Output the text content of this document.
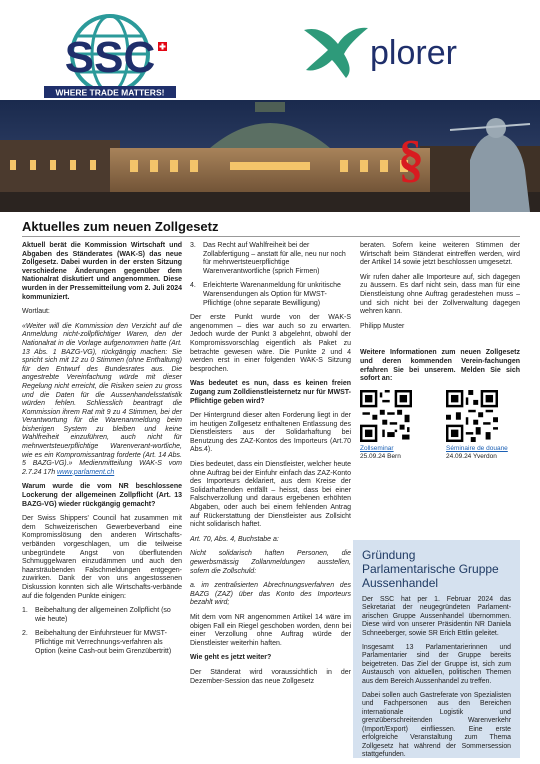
SSC
WHERE TRADE MATTERS!
plorer
§
Aktuelles zum neuen Zollgesetz

Aktuell berät die Kommission Wirtschaft und Abgaben des Ständerates (WAK-S) das neue Zollgesetz. Dabei wurden in der ersten Sitzung verschiedene Änderungen gegenüber dem Nationalrat diskutiert und angenommen. Diese wurden in der Pressemitteilung vom 2. Juli 2024 kommuniziert.

Wortlaut:

«Weiter will die Kommission den Verzicht auf die Anmeldung nicht-zollpflichtiger Waren, den der Nationalrat in die Vorlage aufgenommen hatte (Art. 13 Abs. 1 BAZG-VG), rückgängig machen: Sie spricht sich mit 12 zu 0 Stimmen (ohne Enthaltung) für den Entwurf des Bundesrates aus. Die angestrebte Vereinfachung würde mit dieser Regelung nicht erreicht, die Risiken seien zu gross und die Daten für die Aussenhandelsstatistik würden fehlen. Schliesslich beantragt die Kommission ihrem Rat mit 9 zu 4 Stimmen, bei der Verantwortung für die Warenanmeldung beim bisherigen System zu bleiben und keine Wahlfreiheit einzuführen, auch nicht für mehrwertsteuerpflichtige Warenverant-wortliche, wie es ein Kompromissantrag forderte (Art. 14 Abs. 5 BAZG-VG).» Medienmitteilung WAK-S vom 2.7.24 17h www.parlament.ch

Warum wurde die vom NR beschlossene Lockerung der allgemeinen Zollpflicht (Art. 13 BAZG-VG) wieder rückgängig gemacht?

Der Swiss Shippers' Council hat zusammen mit dem Schweizerischen Gewerbeverband eine Kompromisslösung den anderen Wirtschafts-verbänden vorgeschlagen, um die teilweise unbegründete Angst von überflutenden Schmuggelwaren einzudämmen und auch den haarsträubenden Falschmeldungen entgegen-zuwirken. Dank der von uns angestossenen Diskussion konnten sich alle Wirtschafts-verbände auf die folgenden Punkte einigen:

1. Beibehaltung der allgemeinen Zollpflicht (so wie heute)
2. Beibehaltung der Einfuhrsteuer für MWST-Pflichtige mit Verrechnungs-verfahren als Option (keine Cash-out beim Grenzübertritt)
3. Das Recht auf Wahlfreiheit bei der Zollabfertigung – anstatt für alle, neu nur noch für mehrwertsteuerpflichtige Warenverantwortliche (sprich Firmen)
4. Erleichterte Warenanmeldung für unkritische Warensendungen als Option für MWST-Pflichtige (ohne separate Bewilligung)

Der erste Punkt wurde von der WAK-S angenommen – dies war auch so zu erwarten. Jedoch wurde der Punkt 3 abgelehnt, obwohl der Kompromissvorschlag eigentlich als Paket zu betrachte gewesen wäre. Die Punkte 2 und 4 werden erst in einer folgenden WAK-S Sitzung besprochen.

Was bedeutet es nun, dass es keinen freien Zugang zum Zolldienstleisternetz nur für MWST-Pflichtige geben wird?

Der Hintergrund dieser alten Forderung liegt in der im heutigen Zollgesetz enthaltenen Entlassung des Dienstleisters aus der Solidarhaftung bei Benutzung des ZAZ-Kontos des Importeurs (Art.70 Abs.4).

Dies bedeutet, dass ein Dienstleister, welcher heute ohne Auftrag bei der Einfuhr einfach das ZAZ-Konto des Importeurs deklariert, aus dem Kreise der Solidarhaftenden entfällt – heisst, dass bei einer Falschverzollung und daraus ergebenen erhöhten Abgaben, oder auch bei einem fehlenden Antrag auf Rückerstattung der Dienstleister aus Zollsicht nicht solidarisch haftet.

Art. 70, Abs. 4, Buchstabe a:

Nicht solidarisch haften Personen, die gewerbsmässig Zollanmeldungen ausstellen, sofern die Zollschuld:

a. im zentralisierten Abrechnungsverfahren des BAZG (ZAZ) über das Konto des Importeurs bezahlt wird;

Mit dem vom NR angenommen Artikel 14 wäre im obigen Fall ein Riegel geschoben worden, denn bei einer Verzollung ohne Auftrag würde der Dienstleister weiterhin haften.

Wie geht es jetzt weiter?

Der Ständerat wird voraussichtlich in der Dezember-Session das neue Zollgesetz

beraten. Sofern keine weiteren Stimmen der Wirtschaft beim Ständerat eintreffen werden, wird der Artikel 14 sowie jetzt beschlossen umgesetzt.

Wir rufen daher alle Importeure auf, sich dagegen zu äussern. Es darf nicht sein, dass man für eine Dienstleistung ohne Auftrag geradestehen muss – und sich nicht bei der Zollverwaltung dagegen wehren kann.

Philipp Muster

Weitere Informationen zum neuen Zollgesetz und deren kommenden Verein-fachungen erfahren Sie bei unserem. Melden Sie sich sofort an:

Zollseminar
25.09.24 Bern
Séminaire de douane
24.09.24 Yverdon
Gründung Parlamentarische Gruppe Aussenhandel

Der SSC hat per 1. Februar 2024 das Sekretariat der neugegründeten Parlament-arischen Gruppe Aussenhandel übernommen. Diese wird von unserer Präsidentin NR Daniela Schneeberger, sowie SR Erich Ettlin geleitet.

Insgesamt 13 Parlamentarierinnen und Parlamentarier sind der Gruppe bereits beigetreten. Das Ziel der Gruppe ist, sich zum Austausch von aktuellen, politischen Themen aus dem Bereich Aussenhandel zu treffen.

Dabei sollen auch Gastreferate von Spezialisten und Fachpersonen aus den Bereichen internationale Logistik und grenzüberschreitenden Warenverkehr (Import/Export) einfliessen. Eine erste erfolgreiche Veranstaltung zum Thema Zollgesetz hat während der Sommersession stattgefunden.
